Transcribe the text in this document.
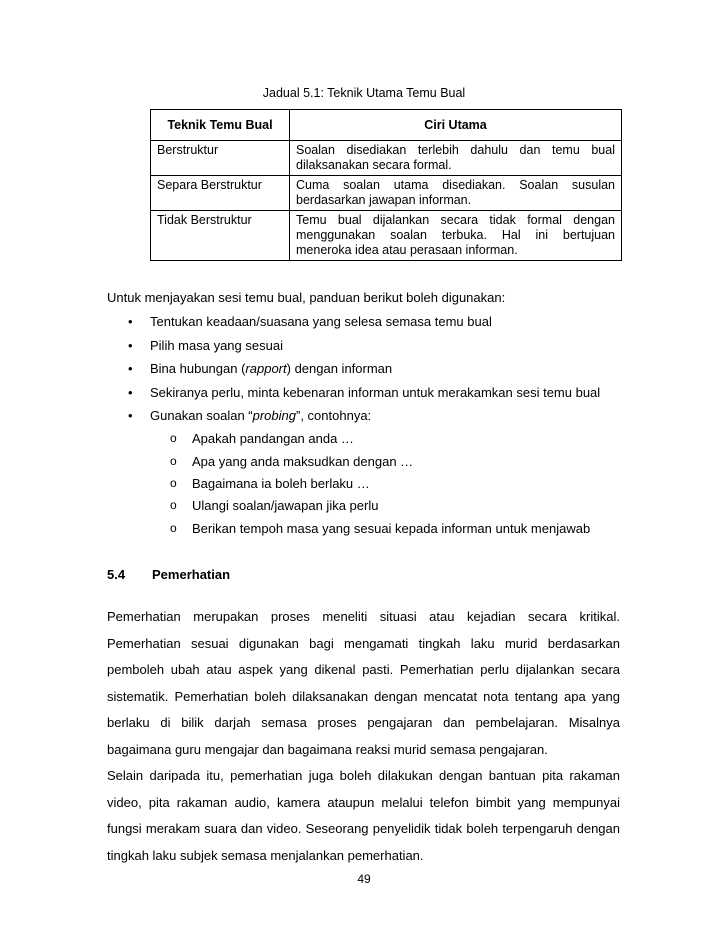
Jadual 5.1: Teknik Utama Temu Bual
Teknik Temu Bual	Ciri Utama
Berstruktur	Soalan disediakan terlebih dahulu dan temu bual dilaksanakan secara formal.
Separa Berstruktur	Cuma soalan utama disediakan. Soalan susulan berdasarkan jawapan informan.
Tidak Berstruktur	Temu bual dijalankan secara tidak formal dengan menggunakan soalan terbuka. Hal ini bertujuan meneroka idea atau perasaan informan.
Untuk menjayakan sesi temu bual, panduan berikut boleh digunakan:
• Tentukan keadaan/suasana yang selesa semasa temu bual
• Pilih masa yang sesuai
• Bina hubungan (rapport) dengan informan
• Sekiranya perlu, minta kebenaran informan untuk merakamkan sesi temu bual
• Gunakan soalan “probing”, contohnya:
o Apakah pandangan anda …
o Apa yang anda maksudkan dengan …
o Bagaimana ia boleh berlaku …
o Ulangi soalan/jawapan jika perlu
o Berikan tempoh masa yang sesuai kepada informan untuk menjawab
5.4 Pemerhatian
Pemerhatian merupakan proses meneliti situasi atau kejadian secara kritikal. Pemerhatian sesuai digunakan bagi mengamati tingkah laku murid berdasarkan pemboleh ubah atau aspek yang dikenal pasti. Pemerhatian perlu dijalankan secara sistematik. Pemerhatian boleh dilaksanakan dengan mencatat nota tentang apa yang berlaku di bilik darjah semasa proses pengajaran dan pembelajaran. Misalnya bagaimana guru mengajar dan bagaimana reaksi murid semasa pengajaran.
Selain daripada itu, pemerhatian juga boleh dilakukan dengan bantuan pita rakaman video, pita rakaman audio, kamera ataupun melalui telefon bimbit yang mempunyai fungsi merakam suara dan video. Seseorang penyelidik tidak boleh terpengaruh dengan tingkah laku subjek semasa menjalankan pemerhatian.
49
